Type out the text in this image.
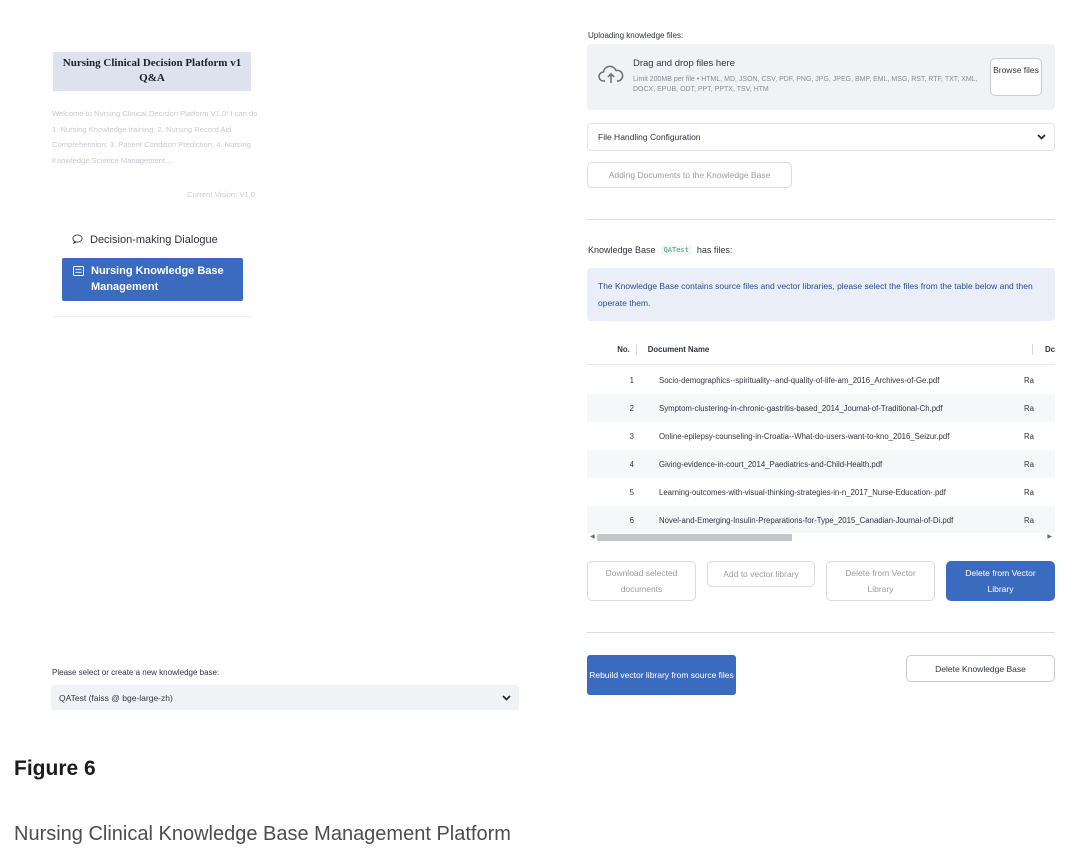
Nursing Clinical Decision Platform v1
Q&A
Welcome to Nursing Clinical Decision Platform V1.0! I can do 1. Nursing Knowledge training; 2. Nursing Record Aid Comprehension; 3. Patient Condition Prediction; 4. Nursing Knowledge Science Management....
Current Vision: V1.0
Decision-making Dialogue
Nursing Knowledge Base Management
Please select or create a new knowledge base:
QATest (faiss @ bge-large-zh)
Uploading knowledge files:
Drag and drop files here
Limit 200MB per file • HTML, MD, JSON, CSV, PDF, PNG, JPG, JPEG, BMP, EML, MSG, RST, RTF, TXT, XML, DOCX, EPUB, ODT, PPT, PPTX, TSV, HTM
Browse files
File Handling Configuration
Adding Documents to the Knowledge Base
Knowledge Base	QATest has files:
The Knowledge Base contains source files and vector libraries, please select the files from the table below and then operate them.
No.	Document Name	Dc
1	Socio-demographics--spirituality--and-quality-of-life-am_2016_Archives-of-Ge.pdf	Ra
2	Symptom-clustering-in-chronic-gastritis-based_2014_Journal-of-Traditional-Ch.pdf	Ra
3	Online-epilepsy-counseling-in-Croatia--What-do-users-want-to-kno_2016_Seizur.pdf	Ra
4	Giving-evidence-in-court_2014_Paediatrics-and-Child-Health.pdf	Ra
5	Learning-outcomes-with-visual-thinking-strategies-in-n_2017_Nurse-Education-.pdf	Ra
6	Novel-and-Emerging-Insulin-Preparations-for-Type_2015_Canadian-Journal-of-Di.pdf	Ra
◀	▶
Download selected documents
Add to vector library	Delete from Vector Library
Delete from Vector Library
Rebuild vector library from source files
Delete Knowledge Base
Figure 6
Nursing Clinical Knowledge Base Management Platform
